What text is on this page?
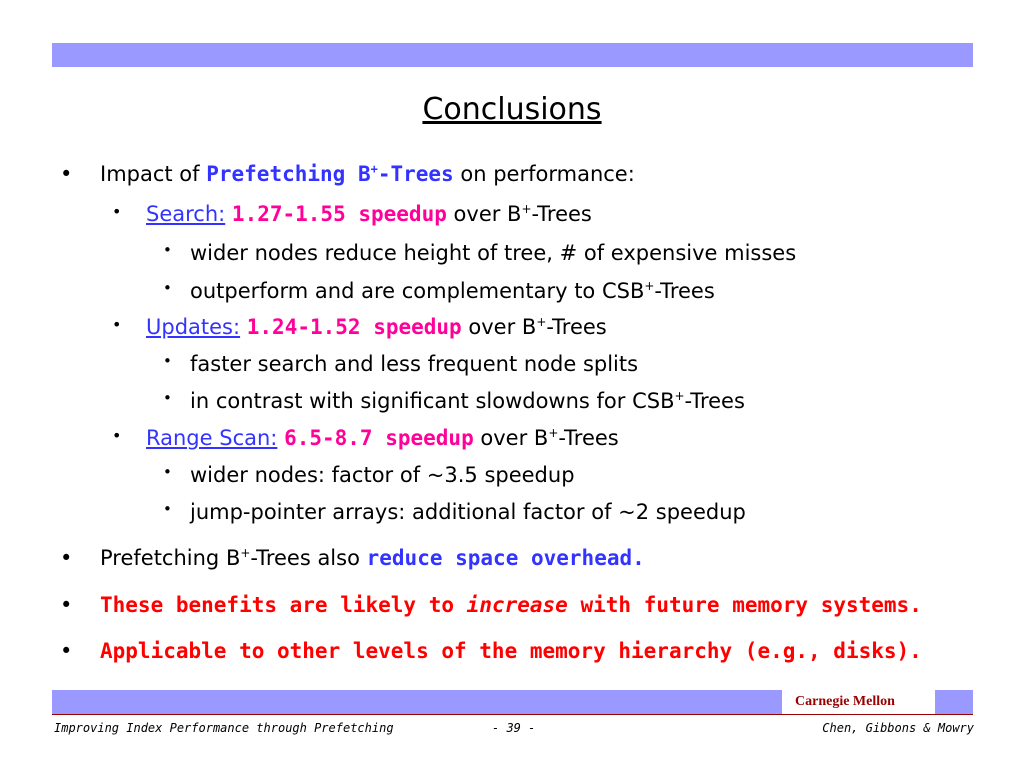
Conclusions
• Impact of Prefetching B+-Trees on performance:
• Search: 1.27-1.55 speedup over B+-Trees
• wider nodes reduce height of tree, # of expensive misses
• outperform and are complementary to CSB+-Trees
• Updates: 1.24-1.52 speedup over B+-Trees
• faster search and less frequent node splits
• in contrast with significant slowdowns for CSB+-Trees
• Range Scan: 6.5-8.7 speedup over B+-Trees
• wider nodes: factor of ~3.5 speedup
• jump-pointer arrays: additional factor of ~2 speedup
• Prefetching B+-Trees also reduce space overhead.
• These benefits are likely to increase with future memory systems.
• Applicable to other levels of the memory hierarchy (e.g., disks).
Carnegie Mellon
Improving Index Performance through Prefetching	- 39 -	Chen, Gibbons & Mowry
